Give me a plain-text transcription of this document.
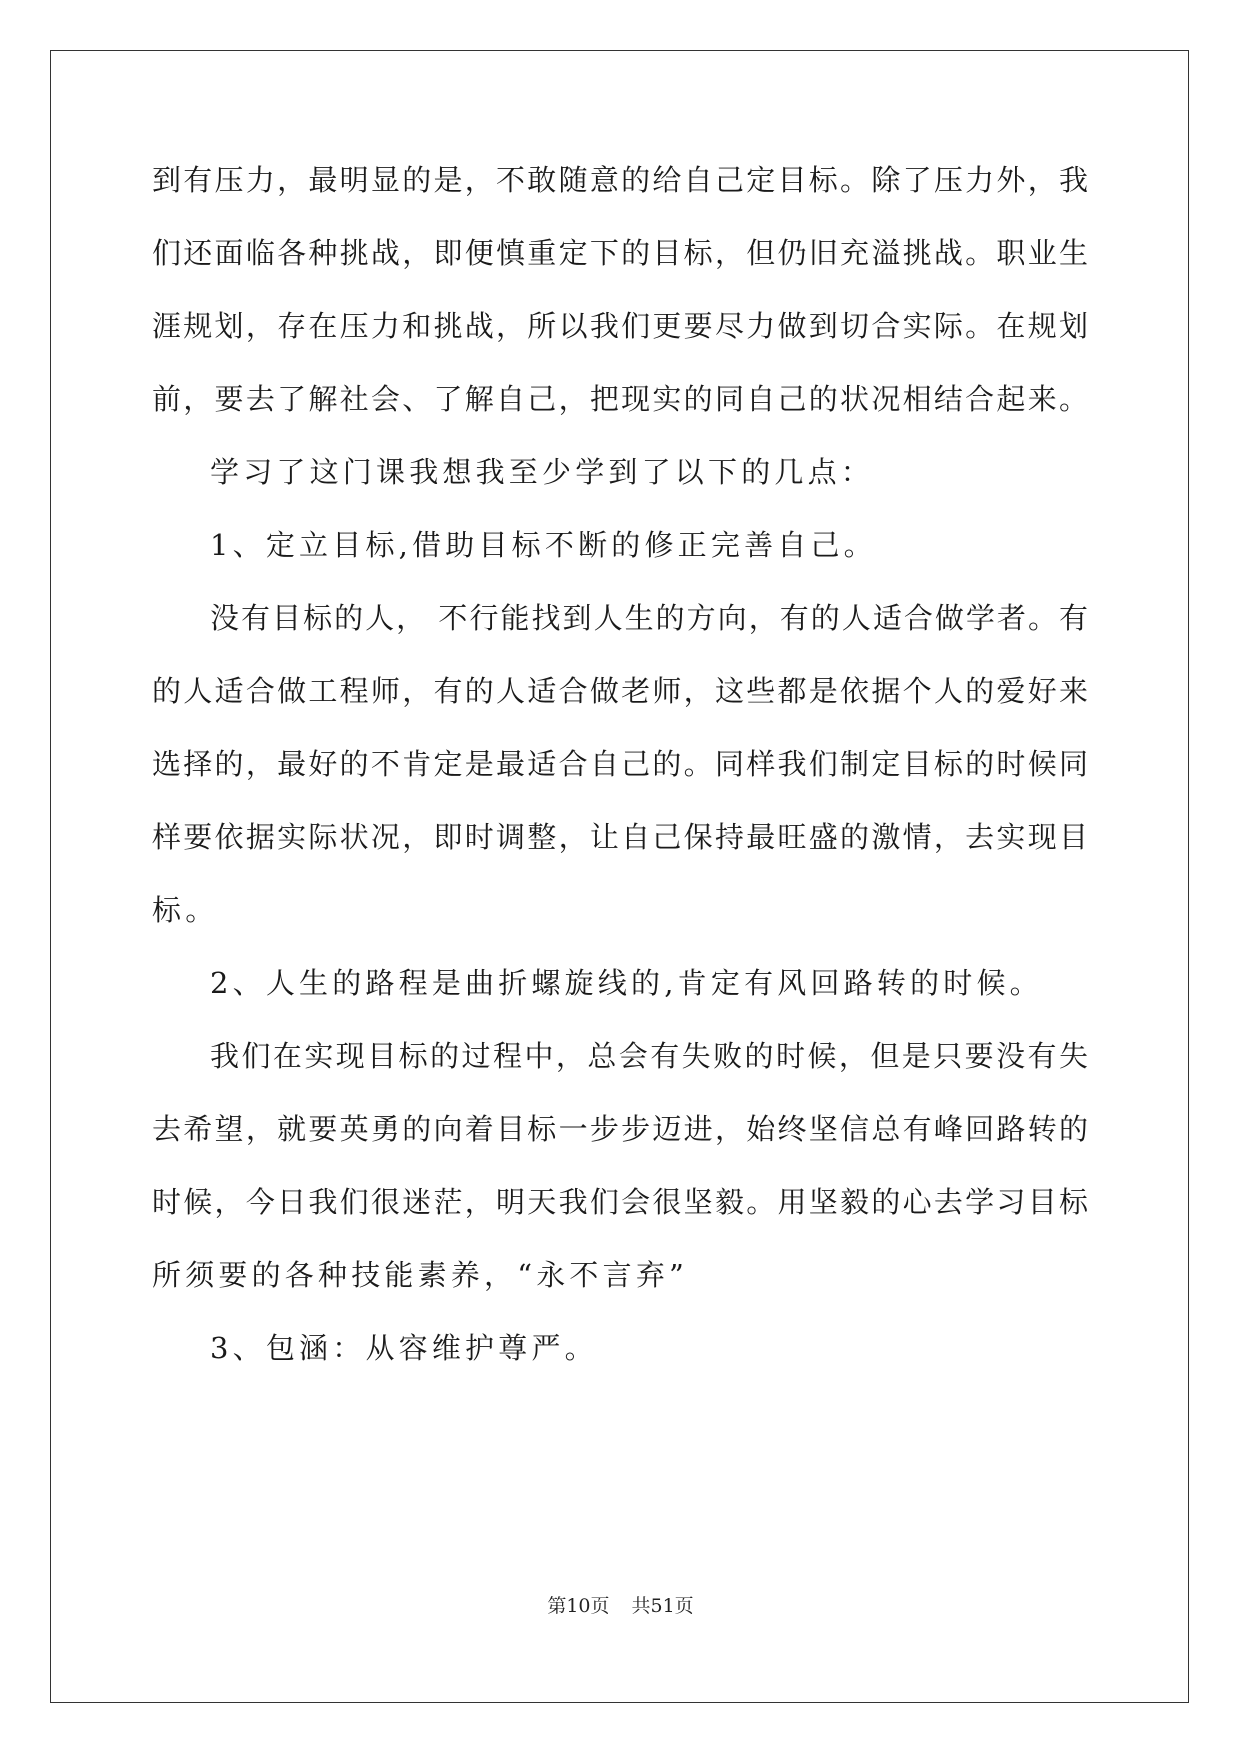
到有压力，最明显的是，不敢随意的给自己定目标。除了压力外，我
们还面临各种挑战，即便慎重定下的目标，但仍旧充溢挑战。职业生
涯规划，存在压力和挑战，所以我们更要尽力做到切合实际。在规划
前，要去了解社会、了解自己，把现实的同自己的状况相结合起来。
学习了这门课我想我至少学到了以下的几点：
1、定立目标,借助目标不断的修正完善自己。
没有目标的人， 不行能找到人生的方向，有的人适合做学者。有
的人适合做工程师，有的人适合做老师，这些都是依据个人的爱好来
选择的，最好的不肯定是最适合自己的。同样我们制定目标的时候同
样要依据实际状况，即时调整，让自己保持最旺盛的激情，去实现目
标。
2、人生的路程是曲折螺旋线的,肯定有风回路转的时候。
我们在实现目标的过程中，总会有失败的时候，但是只要没有失
去希望，就要英勇的向着目标一步步迈进，始终坚信总有峰回路转的
时候，今日我们很迷茫，明天我们会很坚毅。用坚毅的心去学习目标
所须要的各种技能素养，“永不言弃”
3、包涵：从容维护尊严。
第10页 共51页
